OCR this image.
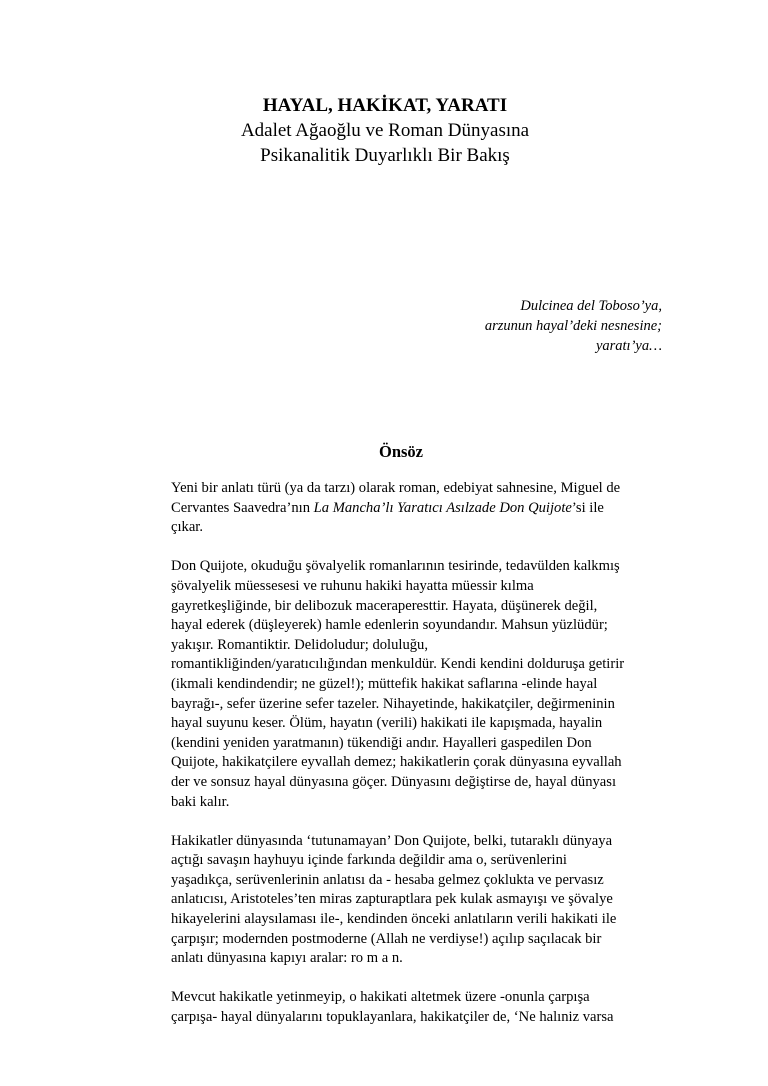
HAYAL, HAKİKAT, YARATI
Adalet Ağaoğlu ve Roman Dünyasına
Psikanalitik Duyarlıklı Bir Bakış
Dulcinea del Toboso’ya,
arzunun hayal’deki nesnesine;
yaratı’ya…
Önsöz
Yeni bir anlatı türü (ya da tarzı) olarak roman, edebiyat sahnesine, Miguel de
Cervantes Saavedra’nın La Mancha’lı Yaratıcı Asılzade Don Quijote’si ile
çıkar.
Don Quijote, okuduğu şövalyelik romanlarının tesirinde, tedavülden kalkmış
şövalyelik müessesesi ve ruhunu hakiki hayatta müessir kılma
gayretkeşliğinde, bir delibozuk maceraperesttir. Hayata, düşünerek değil,
hayal ederek (düşleyerek) hamle edenlerin soyundandır. Mahsun yüzlüdür;
yakışır. Romantiktir. Delidoludur; doluluğu,
romantikliğinden/yaratıcılığından menkuldür. Kendi kendini dolduruşa getirir
(ikmali kendindendir; ne güzel!); müttefik hakikat saflarına -elinde hayal
bayrağı-, sefer üzerine sefer tazeler. Nihayetinde, hakikatçiler, değirmeninin
hayal suyunu keser. Ölüm, hayatın (verili) hakikati ile kapışmada, hayalin
(kendini yeniden yaratmanın) tükendiği andır. Hayalleri gaspedilen Don
Quijote, hakikatçilere eyvallah demez; hakikatlerin çorak dünyasına eyvallah
der ve sonsuz hayal dünyasına göçer. Dünyasını değiştirse de, hayal dünyası
baki kalır.
Hakikatler dünyasında ‘tutunamayan’ Don Quijote, belki, tutaraklı dünyaya
açtığı savaşın hayhuyu içinde farkında değildir ama o, serüvenlerini
yaşadıkça, serüvenlerinin anlatısı da - hesaba gelmez çoklukta ve pervasız
anlatıcısı, Aristoteles’ten miras zapturaptlara pek kulak asmayışı ve şövalye
hikayelerini alaysılaması ile-, kendinden önceki anlatıların verili hakikati ile
çarpışır; modernden postmoderne (Allah ne verdiyse!) açılıp saçılacak bir
anlatı dünyasına kapıyı aralar: ro m a n.
Mevcut hakikatle yetinmeyip, o hakikati altetmek üzere -onunla çarpışa
çarpışa- hayal dünyalarını topuklayanlara, hakikatçiler de, ‘Ne halıniz varsa
